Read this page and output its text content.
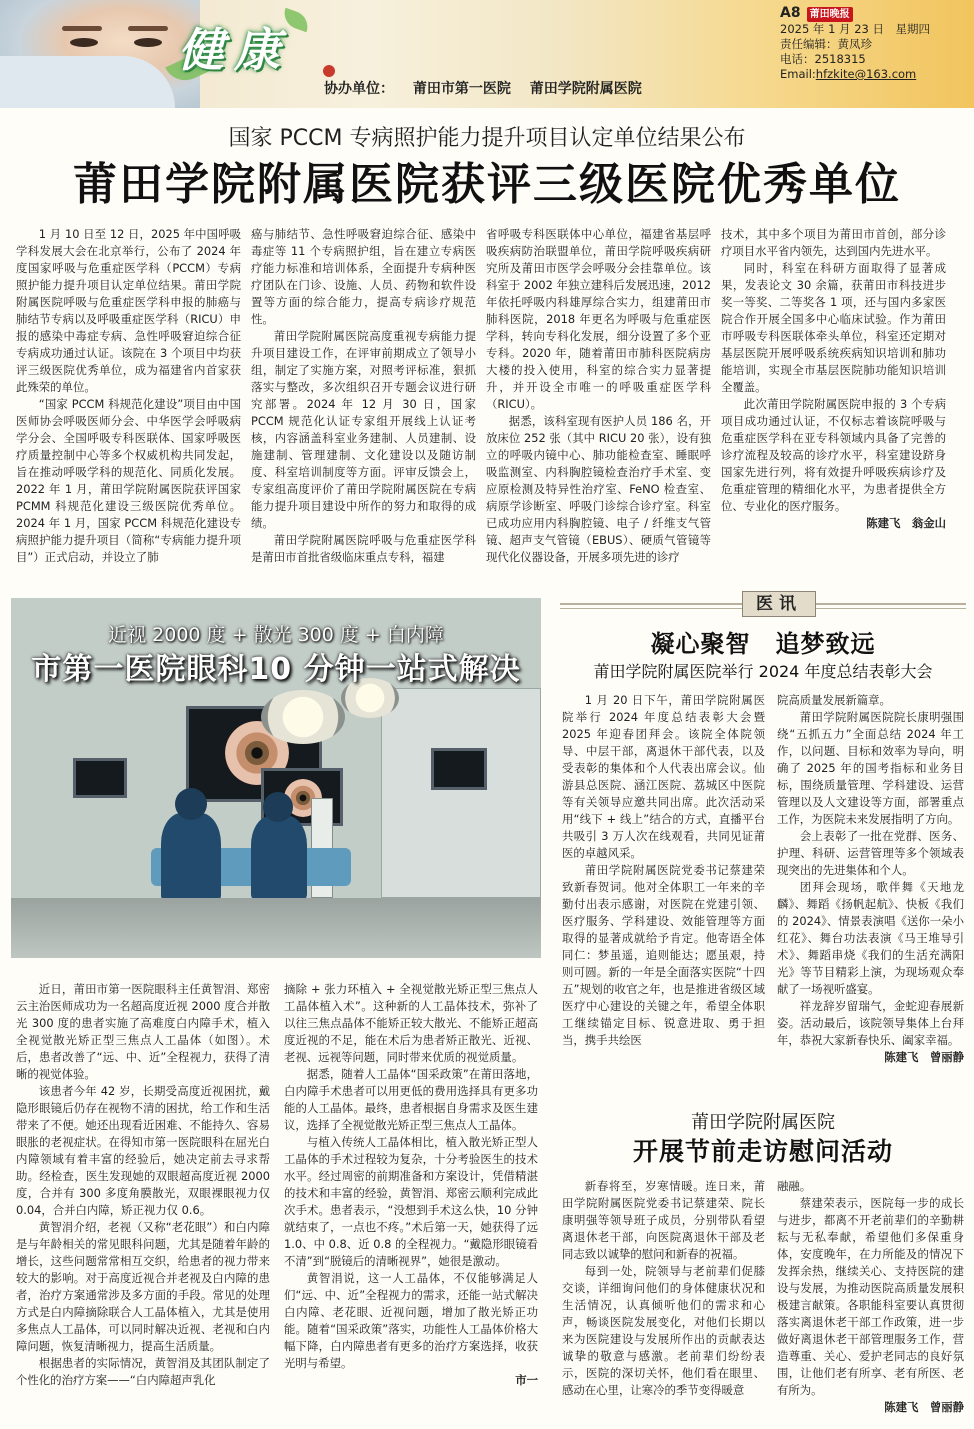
健康
协办单位： 莆田市第一医院 莆田学院附属医院
A8 莆田晚报
2025 年 1 月 23 日　星期四
责任编辑：黄凤珍
电话：2518315
Email:hfzkite@163.com
国家 PCCM 专病照护能力提升项目认定单位结果公布
莆田学院附属医院获评三级医院优秀单位

1 月 10 日至 12 日，2025 年中国呼吸学科发展大会在北京举行，公布了 2024 年度国家呼吸与危重症医学科（PCCM）专病照护能力提升项目认定单位结果。莆田学院附属医院呼吸与危重症医学科申报的肺癌与肺结节专病以及呼吸重症医学科（RICU）申报的感染中毒症专病、急性呼吸窘迫综合征专病成功通过认证。该院在 3 个项目中均获评三级医院优秀单位，成为福建省内首家获此殊荣的单位。

“国家 PCCM 科规范化建设”项目由中国医师协会呼吸医师分会、中华医学会呼吸病学分会、全国呼吸专科医联体、国家呼吸医疗质量控制中心等多个权威机构共同发起，旨在推动呼吸学科的规范化、同质化发展。2022 年 1 月，莆田学院附属医院获评国家 PCMM 科规范化建设三级医院优秀单位。2024 年 1 月，国家 PCCM 科规范化建设专病照护能力提升项目（简称“专病能力提升项目”）正式启动，并设立了肺

癌与肺结节、急性呼吸窘迫综合征、感染中毒症等 11 个专病照护组，旨在建立专病医疗能力标准和培训体系，全面提升专病种医疗团队在门诊、设施、人员、药物和软件设置等方面的综合能力，提高专病诊疗规范性。

莆田学院附属医院高度重视专病能力提升项目建设工作，在评审前期成立了领导小组，制定了实施方案，对照考评标准，狠抓落实与整改，多次组织召开专题会议进行研究部署。2024 年 12 月 30 日，国家 PCCM 规范化认证专家组开展线上认证考核，内容涵盖科室业务建制、人员建制、设施建制、管理建制、文化建设以及随访制度、科室培训制度等方面。评审反馈会上，专家组高度评价了莆田学院附属医院在专病能力提升项目建设中所作的努力和取得的成绩。

莆田学院附属医院呼吸与危重症医学科是莆田市首批省级临床重点专科，福建

省呼吸专科医联体中心单位，福建省基层呼吸疾病防治联盟单位，莆田学院呼吸疾病研究所及莆田市医学会呼吸分会挂靠单位。该科室于 2002 年独立建科后发展迅速，2012 年依托呼吸内科雄厚综合实力，组建莆田市肺科医院，2018 年更名为呼吸与危重症医学科，转向专科化发展，细分设置了多个亚专科。2020 年，随着莆田市肺科医院病房大楼的投入使用，科室的综合实力显著提升，并开设全市唯一的呼吸重症医学科（RICU）。

据悉，该科室现有医护人员 186 名，开放床位 252 张（其中 RICU 20 张），设有独立的呼吸内镜中心、肺功能检查室、睡眠呼吸监测室、内科胸腔镜检查治疗手术室、变应原检测及特异性治疗室、FeNO 检查室、病原学诊断室、呼吸门诊综合诊疗室。科室已成功应用内科胸腔镜、电子 / 纤维支气管镜、超声支气管镜（EBUS）、硬质气管镜等现代化仪器设备，开展多项先进的诊疗

技术，其中多个项目为莆田市首创，部分诊疗项目水平省内领先，达到国内先进水平。

同时，科室在科研方面取得了显著成果，发表论文 30 余篇，获莆田市科技进步奖一等奖、二等奖各 1 项，还与国内多家医院合作开展全国多中心临床试验。作为莆田市呼吸专科医联体牵头单位，科室还定期对基层医院开展呼吸系统疾病知识培训和肺功能培训，实现全市基层医院肺功能知识培训全覆盖。

此次莆田学院附属医院申报的 3 个专病项目成功通过认证，不仅标志着该院呼吸与危重症医学科在亚专科领域内具备了完善的诊疗流程及较高的诊疗水平，科室建设跻身国家先进行列，将有效提升呼吸疾病诊疗及危重症管理的精细化水平，为患者提供全方位、专业化的医疗服务。

陈建飞　翁金山
近视 2000 度 + 散光 300 度 + 白内障
市第一医院眼科10 分钟一站式解决

近日，莆田市第一医院眼科主任黄智涓、郑密云主治医师成功为一名超高度近视 2000 度合并散光 300 度的患者实施了高难度白内障手术，植入全视觉散光矫正型三焦点人工晶体（如图）。术后，患者改善了“远、中、近”全程视力，获得了清晰的视觉体验。

该患者今年 42 岁，长期受高度近视困扰，戴隐形眼镜后仍存在视物不清的困扰，给工作和生活带来了不便。她还出现看近困难、不能持久、容易眼胀的老视症状。在得知市第一医院眼科在屈光白内障领域有着丰富的经验后，她决定前去寻求帮助。经检查，医生发现她的双眼超高度近视 2000 度，合并有 300 多度角膜散光，双眼裸眼视力仅 0.04，合并白内障，矫正视力仅 0.6。

黄智涓介绍，老视（又称“老花眼”）和白内障是与年龄相关的常见眼科问题，尤其是随着年龄的增长，这些问题常常相互交织，给患者的视力带来较大的影响。对于高度近视合并老视及白内障的患者，治疗方案通常涉及多方面的手段。常见的处理方式是白内障摘除联合人工晶体植入，尤其是使用多焦点人工晶体，可以同时解决近视、老视和白内障问题，恢复清晰视力，提高生活质量。

根据患者的实际情况，黄智涓及其团队制定了个性化的治疗方案——“白内障超声乳化

摘除 + 张力环植入 + 全视觉散光矫正型三焦点人工晶体植入术”。这种新的人工晶体技术，弥补了以往三焦点晶体不能矫正较大散光、不能矫正超高度近视的不足，能在术后为患者矫正散光、近视、老视、远视等问题，同时带来优质的视觉质量。

据悉，随着人工晶体“国采政策”在莆田落地，白内障手术患者可以用更低的费用选择具有更多功能的人工晶体。最终，患者根据自身需求及医生建议，选择了全视觉散光矫正型三焦点人工晶体。

与植入传统人工晶体相比，植入散光矫正型人工晶体的手术过程较为复杂，十分考验医生的技术水平。经过周密的前期准备和方案设计，凭借精湛的技术和丰富的经验，黄智涓、郑密云顺利完成此次手术。患者表示，“没想到手术这么快，10 分钟就结束了，一点也不疼。”术后第一天，她获得了远 1.0、中 0.8、近 0.8 的全程视力。“戴隐形眼镜看不清”到“脱镜后的清晰视界”，她很是激动。

黄智涓说，这一人工晶体，不仅能够满足人们“远、中、近”全程视力的需求，还能一站式解决白内障、老花眼、近视问题，增加了散光矫正功能。随着“国采政策”落实，功能性人工晶体价格大幅下降，白内障患者有更多的治疗方案选择，收获光明与希望。

市一
医讯
凝心聚智　追梦致远
莆田学院附属医院举行 2024 年度总结表彰大会

1 月 20 日下午，莆田学院附属医院举行 2024 年度总结表彰大会暨 2025 年迎春团拜会。该院全体院领导、中层干部，离退休干部代表，以及受表彰的集体和个人代表出席会议。仙游县总医院、涵江医院、荔城区中医院等有关领导应邀共同出席。此次活动采用“线下 + 线上”结合的方式，直播平台共吸引 3 万人次在线观看，共同见证莆医的卓越风采。

莆田学院附属医院党委书记蔡建荣致新春贺词。他对全体职工一年来的辛勤付出表示感谢，对医院在党建引领、医疗服务、学科建设、效能管理等方面取得的显著成就给予肯定。他寄语全体同仁：梦虽遥，追则能达；愿虽艰，持则可圆。新的一年是全面落实医院“十四五”规划的收官之年，也是推进省级区域医疗中心建设的关键之年，希望全体职工继续锚定目标、锐意进取、勇于担当，携手共绘医

院高质量发展新篇章。

莆田学院附属医院院长康明强围绕“五抓五力”全面总结 2024 年工作，以问题、目标和效率为导向，明确了 2025 年的国考指标和业务目标，围绕质量管理、学科建设、运营管理以及人文建设等方面，部署重点工作，为医院未来发展指明了方向。

会上表彰了一批在党群、医务、护理、科研、运营管理等多个领域表现突出的先进集体和个人。

团拜会现场，歌伴舞《天地龙麟》、舞蹈《扬帆起航》、快板《我们的 2024》、情景表演唱《送你一朵小红花》、舞台功法表演《马王堆导引术》、舞蹈串烧《我们的生活充满阳光》等节目精彩上演，为现场观众奉献了一场视听盛宴。

祥龙辞岁留瑞气，金蛇迎春展新姿。活动最后，该院领导集体上台拜年，恭祝大家新春快乐、阖家幸福。

陈建飞　曾丽静
莆田学院附属医院
开展节前走访慰问活动

新春将至，岁寒情暖。连日来，莆田学院附属医院党委书记蔡建荣、院长康明强等领导班子成员，分别带队看望离退休老干部，向医院离退休干部及老同志致以诚挚的慰问和新春的祝福。

每到一处，院领导与老前辈们促膝交谈，详细询问他们的身体健康状况和生活情况，认真倾听他们的需求和心声，畅谈医院发展变化，对他们长期以来为医院建设与发展所作出的贡献表达诚挚的敬意与感激。老前辈们纷纷表示，医院的深切关怀，他们看在眼里、感动在心里，让寒冷的季节变得暖意

融融。

蔡建荣表示，医院每一步的成长与进步，都离不开老前辈们的辛勤耕耘与无私奉献，希望他们多保重身体，安度晚年，在力所能及的情况下发挥余热，继续关心、支持医院的建设与发展，为推动医院高质量发展积极建言献策。各职能科室要认真贯彻落实离退休老干部工作政策，进一步做好离退休老干部管理服务工作，营造尊重、关心、爱护老同志的良好氛围，让他们老有所享、老有所医、老有所为。

陈建飞　曾丽静
